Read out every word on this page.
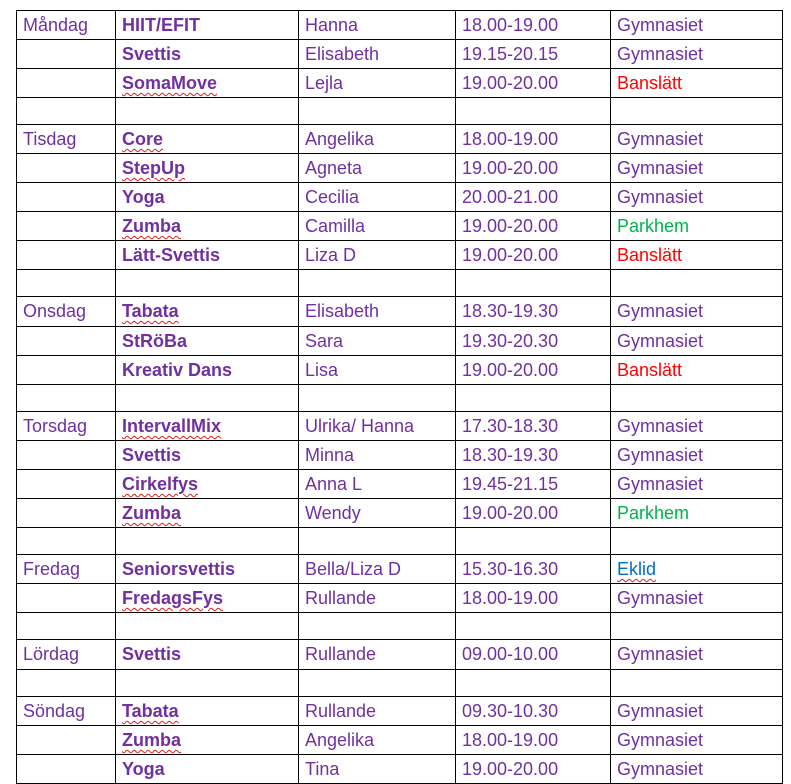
Måndag	HIIT/EFIT	Hanna	18.00-19.00	Gymnasiet
	Svettis	Elisabeth	19.15-20.15	Gymnasiet
	SomaMove	Lejla	19.00-20.00	Banslätt

Tisdag	Core	Angelika	18.00-19.00	Gymnasiet
	StepUp	Agneta	19.00-20.00	Gymnasiet
	Yoga	Cecilia	20.00-21.00	Gymnasiet
	Zumba	Camilla	19.00-20.00	Parkhem
	Lätt-Svettis	Liza D	19.00-20.00	Banslätt

Onsdag	Tabata	Elisabeth	18.30-19.30	Gymnasiet
	StRöBa	Sara	19.30-20.30	Gymnasiet
	Kreativ Dans	Lisa	19.00-20.00	Banslätt

Torsdag	IntervallMix	Ulrika/ Hanna	17.30-18.30	Gymnasiet
	Svettis	Minna	18.30-19.30	Gymnasiet
	Cirkelfys	Anna L	19.45-21.15	Gymnasiet
	Zumba	Wendy	19.00-20.00	Parkhem

Fredag	Seniorsvettis	Bella/Liza D	15.30-16.30	Eklid
	FredagsFys	Rullande	18.00-19.00	Gymnasiet

Lördag	Svettis	Rullande	09.00-10.00	Gymnasiet

Söndag	Tabata	Rullande	09.30-10.30	Gymnasiet
	Zumba	Angelika	18.00-19.00	Gymnasiet
	Yoga	Tina	19.00-20.00	Gymnasiet
